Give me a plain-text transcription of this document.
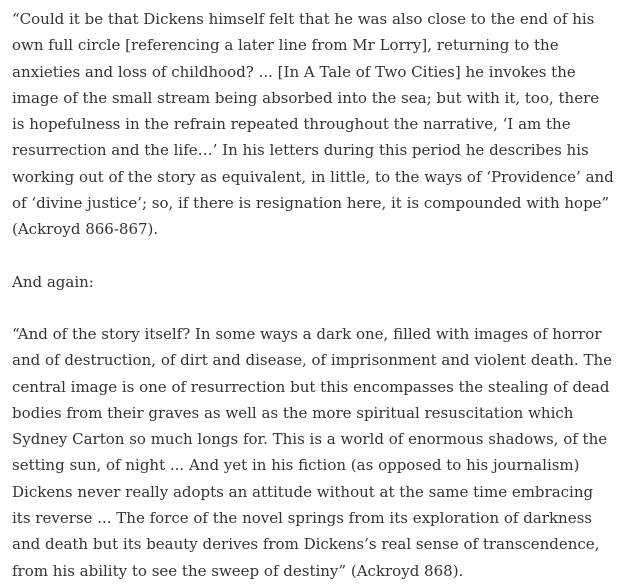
“Could it be that Dickens himself felt that he was also close to the end of his own full circle [referencing a later line from Mr Lorry], returning to the anxieties and loss of childhood? ... [In A Tale of Two Cities] he invokes the image of the small stream being absorbed into the sea; but with it, too, there is hopefulness in the refrain repeated throughout the narrative, ‘I am the resurrection and the life…’ In his letters during this period he describes his working out of the story as equivalent, in little, to the ways of ‘Providence’ and of ‘divine justice’; so, if there is resignation here, it is compounded with hope” (Ackroyd 866-867).

And again:

“And of the story itself? In some ways a dark one, filled with images of horror and of destruction, of dirt and disease, of imprisonment and violent death. The central image is one of resurrection but this encompasses the stealing of dead bodies from their graves as well as the more spiritual resuscitation which Sydney Carton so much longs for. This is a world of enormous shadows, of the setting sun, of night ... And yet in his fiction (as opposed to his journalism) Dickens never really adopts an attitude without at the same time embracing its reverse ... The force of the novel springs from its exploration of darkness and death but its beauty derives from Dickens’s real sense of transcendence, from his ability to see the sweep of destiny” (Ackroyd 868).
